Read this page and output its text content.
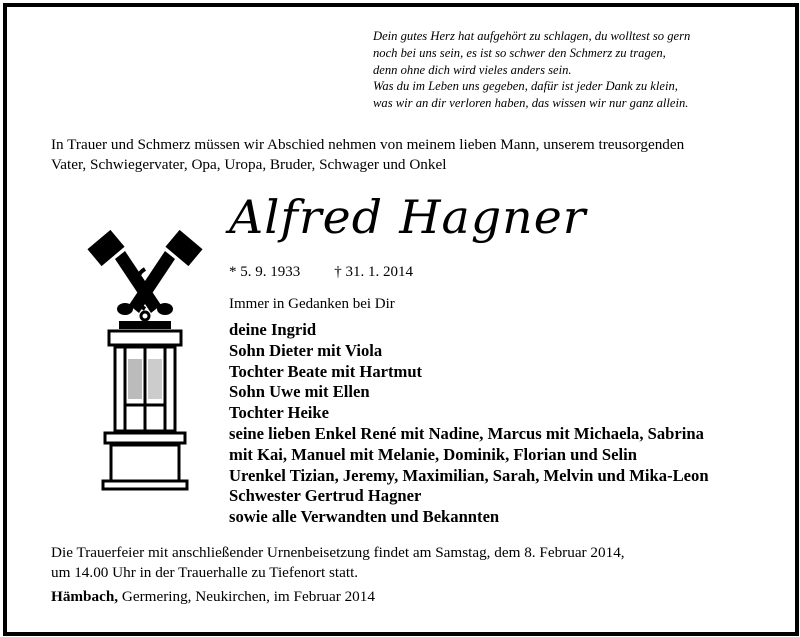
Dein gutes Herz hat aufgehört zu schlagen, du wolltest so gern
noch bei uns sein, es ist so schwer den Schmerz zu tragen,
denn ohne dich wird vieles anders sein.
Was du im Leben uns gegeben, dafür ist jeder Dank zu klein,
was wir an dir verloren haben, das wissen wir nur ganz allein.
In Trauer und Schmerz müssen wir Abschied nehmen von meinem lieben Mann, unserem treusorgenden
Vater, Schwiegervater, Opa, Uropa, Bruder, Schwager und Onkel
Alfred Hagner
* 5. 9. 1933 † 31. 1. 2014
Immer in Gedanken bei Dir
deine Ingrid
Sohn Dieter mit Viola
Tochter Beate mit Hartmut
Sohn Uwe mit Ellen
Tochter Heike
seine lieben Enkel René mit Nadine, Marcus mit Michaela, Sabrina
mit Kai, Manuel mit Melanie, Dominik, Florian und Selin
Urenkel Tizian, Jeremy, Maximilian, Sarah, Melvin und Mika-Leon
Schwester Gertrud Hagner
sowie alle Verwandten und Bekannten
Die Trauerfeier mit anschließender Urnenbeisetzung findet am Samstag, dem 8. Februar 2014,
um 14.00 Uhr in der Trauerhalle zu Tiefenort statt.
Hämbach, Germering, Neukirchen, im Februar 2014
